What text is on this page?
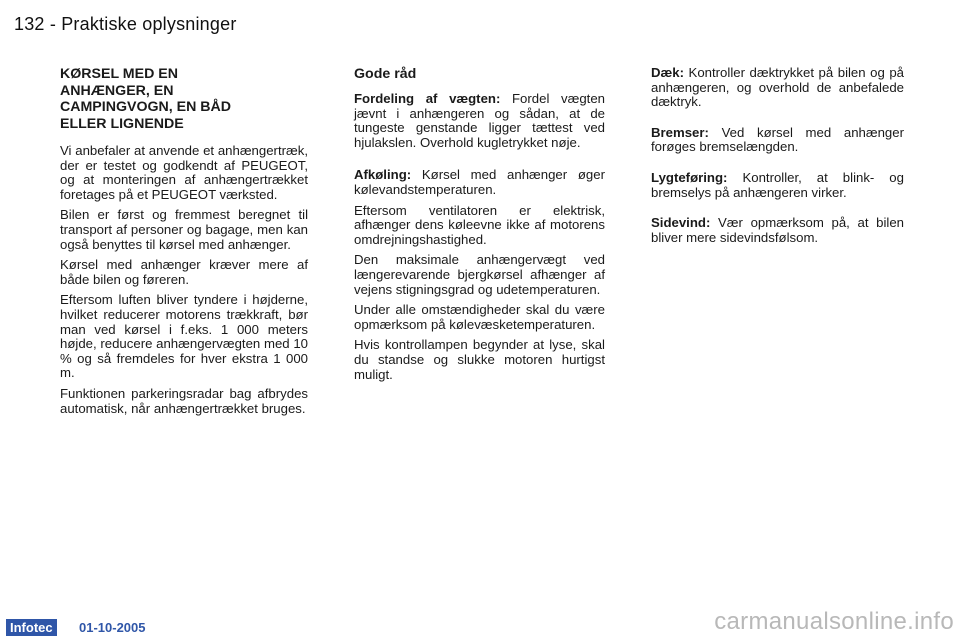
132 - Praktiske oplysninger
KØRSEL MED EN ANHÆNGER, EN CAMPINGVOGN, EN BÅD ELLER LIGNENDE

Vi anbefaler at anvende et anhængertræk, der er testet og godkendt af PEUGEOT, og at monteringen af anhængertrækket foretages på et PEUGEOT værksted.

Bilen er først og fremmest beregnet til transport af personer og bagage, men kan også benyttes til kørsel med anhænger.

Kørsel med anhænger kræver mere af både bilen og føreren.

Eftersom luften bliver tyndere i højderne, hvilket reducerer motorens trækkraft, bør man ved kørsel i f.eks. 1 000 meters højde, reducere anhængervægten med 10 % og så fremdeles for hver ekstra 1 000 m.

Funktionen parkeringsradar bag afbrydes automatisk, når anhængertrækket bruges.

Gode råd

Fordeling af vægten: Fordel vægten jævnt i anhængeren og sådan, at de tungeste genstande ligger tættest ved hjulakslen. Overhold kugletrykket nøje.

Afkøling: Kørsel med anhænger øger kølevandstemperaturen.

Eftersom ventilatoren er elektrisk, afhænger dens køleevne ikke af motorens omdrejningshastighed.

Den maksimale anhængervægt ved længerevarende bjergkørsel afhænger af vejens stigningsgrad og udetemperaturen.

Under alle omstændigheder skal du være opmærksom på kølevæsketemperaturen.

Hvis kontrollampen begynder at lyse, skal du standse og slukke motoren hurtigst muligt.

Dæk: Kontroller dæktrykket på bilen og på anhængeren, og overhold de anbefalede dæktryk.

Bremser: Ved kørsel med anhænger forøges bremselængden.

Lygteføring: Kontroller, at blink- og bremselys på anhængeren virker.

Sidevind: Vær opmærksom på, at bilen bliver mere sidevindsfølsom.

Infotec	01-10-2005	carmanualsonline.info
